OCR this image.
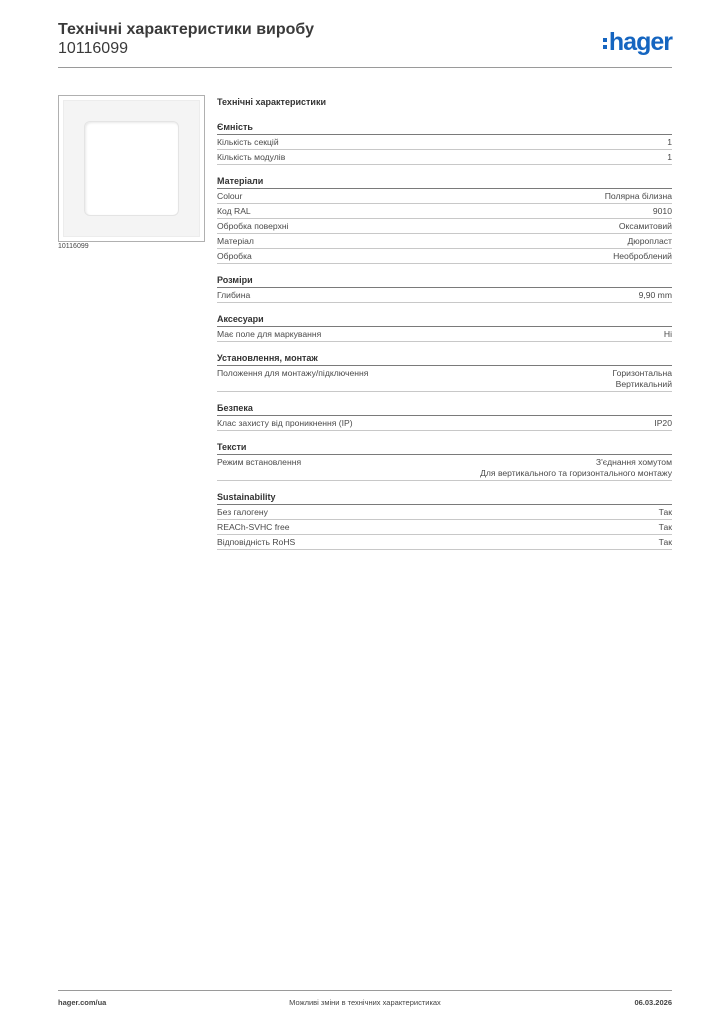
Технічні характеристики виробу
10116099	hager
10116099
Технічні характеристики
Ємність
Кількість секцій	1
Кількість модулів	1
Матеріали
Colour	Полярна білизна
Код RAL	9010
Обробка поверхні	Оксамитовий
Матеріал	Дюропласт
Обробка	Необроблений
Розміри
Глибина	9,90 mm
Аксесуари
Має поле для маркування	Ні
Установлення, монтаж
Положення для монтажу/підключення	Горизонтальна
Вертикальний
Безпека
Клас захисту від проникнення (IP)	IP20
Тексти
Режим встановлення	З'єднання хомутом
Для вертикального та горизонтального монтажу
Sustainability
Без галогену	Так
REACh-SVHC free	Так
Відповідність RoHS	Так
hager.com/ua	Можливі зміни в технічних характеристиках	06.03.2026
